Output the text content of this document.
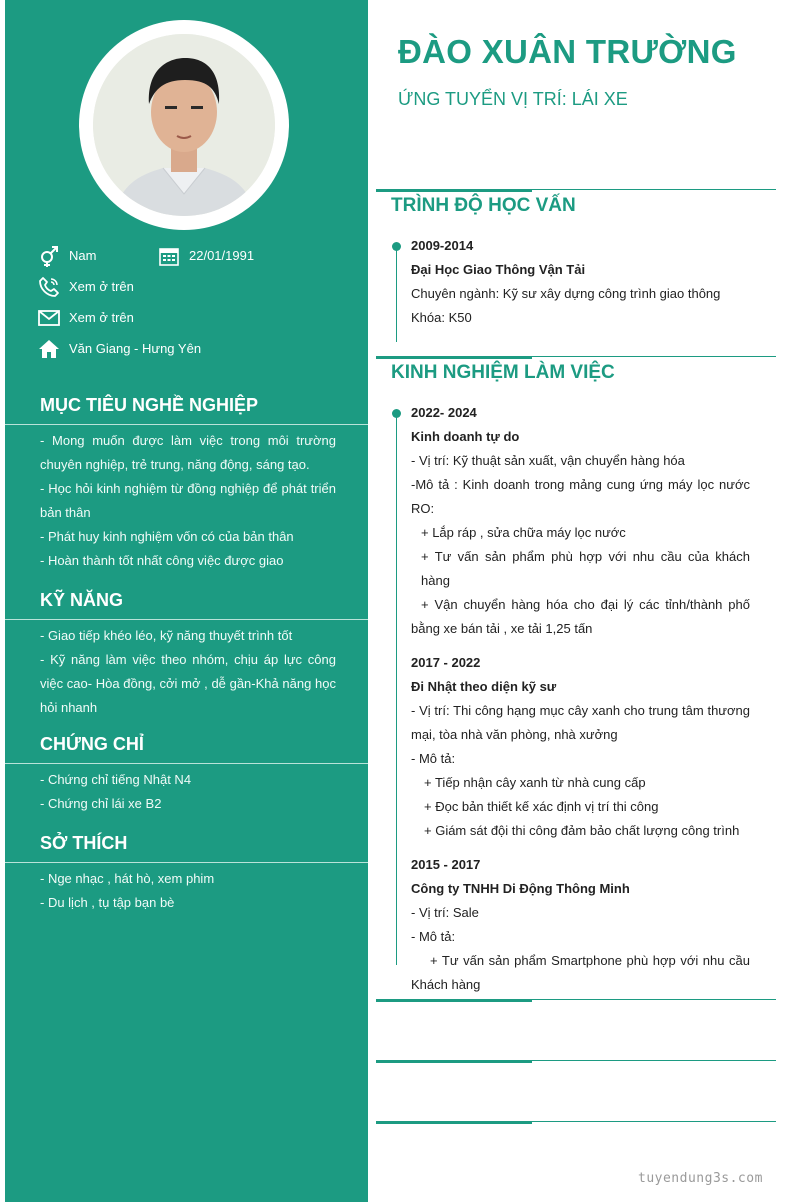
Nam	22/01/1991
Xem ở trên
Xem ở trên
Văn Giang - Hưng Yên
MỤC TIÊU NGHỀ NGHIỆP

- Mong muốn được làm việc trong môi trường chuyên nghiệp, trẻ trung, năng động, sáng tạo.

- Học hỏi kinh nghiệm từ đồng nghiệp để phát triển bản thân

- Phát huy kinh nghiệm vốn có của bản thân

- Hoàn thành tốt nhất công việc được giao

KỸ NĂNG

- Giao tiếp khéo léo, kỹ năng thuyết trình tốt

- Kỹ năng làm việc theo nhóm, chịu áp lực công việc cao- Hòa đồng, cởi mở , dễ gần-Khả năng học hỏi nhanh

CHỨNG CHỈ

- Chứng chỉ tiếng Nhật N4

- Chứng chỉ lái xe B2

SỞ THÍCH

- Nge nhạc , hát hò, xem phim

- Du lịch , tụ tập bạn bè

ĐÀO XUÂN TRƯỜNG
ỨNG TUYỂN VỊ TRÍ: LÁI XE
TRÌNH ĐỘ HỌC VẤN

2009-2014

Đại Học Giao Thông Vận Tải

Chuyên ngành: Kỹ sư xây dựng công trình giao thông

Khóa: K50

KINH NGHIỆM LÀM VIỆC

2022- 2024

Kinh doanh tự do

- Vị trí: Kỹ thuật sản xuất, vận chuyển hàng hóa

-Mô tả : Kinh doanh trong mảng cung ứng máy lọc nước RO:

+ Lắp ráp , sửa chữa máy lọc nước

+ Tư vấn sản phẩm phù hợp với nhu cầu của khách hàng

+ Vận chuyển hàng hóa cho đại lý các tỉnh/thành phố bằng xe bán tải , xe tải 1,25 tấn

2017 - 2022

Đi Nhật theo diện kỹ sư

- Vị trí: Thi công hạng mục cây xanh cho trung tâm thương mại, tòa nhà văn phòng, nhà xưởng

- Mô tả:

+ Tiếp nhận cây xanh từ nhà cung cấp

+ Đọc bản thiết kế xác định vị trí thi công

+ Giám sát đội thi công đảm bảo chất lượng công trình

2015 - 2017

Công ty TNHH Di Động Thông Minh

- Vị trí: Sale

- Mô tả:

+ Tư vấn sản phẩm Smartphone phù hợp với nhu cầu Khách hàng

tuyendung3s.com
